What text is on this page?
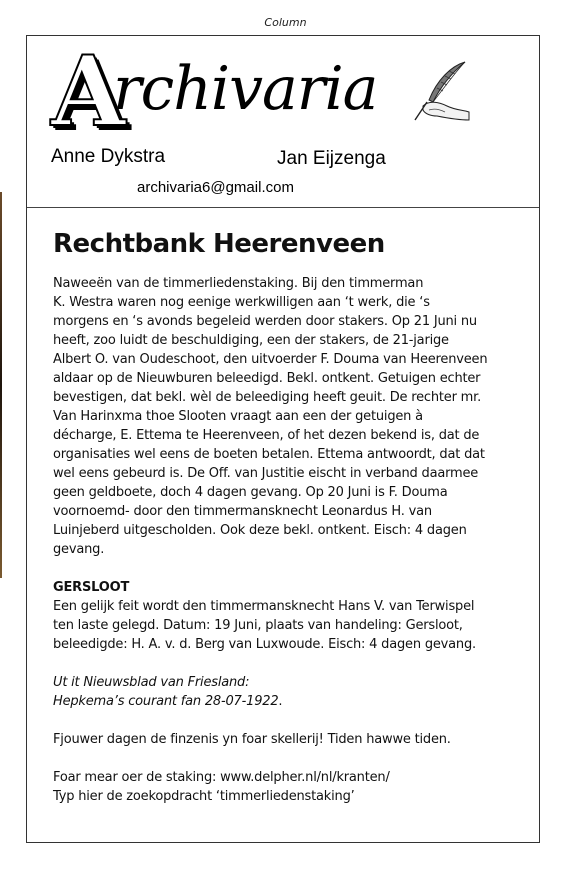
Column
A
rchivaria
Anne Dykstra	Jan Eijzenga
archivaria6@gmail.com
Rechtbank Heerenveen

Naweeën van de timmerliedenstaking. Bij den timmerman

K. Westra waren nog eenige werkwilligen aan ‘t werk, die ‘s

morgens en ‘s avonds begeleid werden door stakers. Op 21 Juni nu

heeft, zoo luidt de beschuldiging, een der stakers, de 21-jarige

Albert O. van Oudeschoot, den uitvoerder F. Douma van Heerenveen

aldaar op de Nieuwburen beleedigd. Bekl. ontkent. Getuigen echter

bevestigen, dat bekl. wèl de beleediging heeft geuit. De rechter mr.

Van Harinxma thoe Slooten vraagt aan een der getuigen à

décharge, E. Ettema te Heerenveen, of het dezen bekend is, dat de

organisaties wel eens de boeten betalen. Ettema antwoordt, dat dat

wel eens gebeurd is. De Off. van Justitie eischt in verband daarmee

geen geldboete, doch 4 dagen gevang. Op 20 Juni is F. Douma

voornoemd- door den timmermansknecht Leonardus H. van

Luinjeberd uitgescholden. Ook deze bekl. ontkent. Eisch: 4 dagen

gevang.

GERSLOOT

Een gelijk feit wordt den timmermansknecht Hans V. van Terwispel

ten laste gelegd. Datum: 19 Juni, plaats van handeling: Gersloot,

beleedigde: H. A. v. d. Berg van Luxwoude. Eisch: 4 dagen gevang.

Ut it Nieuwsblad van Friesland:

Hepkema’s courant fan 28-07-1922.

Fjouwer dagen de finzenis yn foar skellerij! Tiden hawwe tiden.

Foar mear oer de staking: www.delpher.nl/nl/kranten/

Typ hier de zoekopdracht ‘timmerliedenstaking’
